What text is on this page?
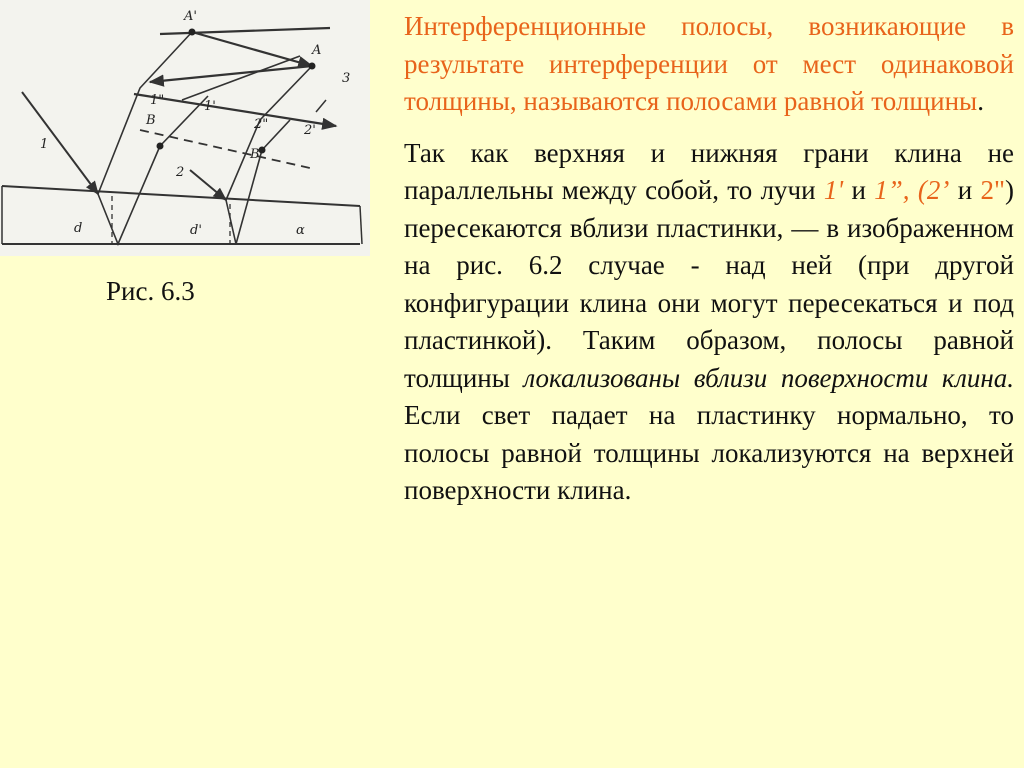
A'
A
3
B
B'
1
1'
1"
2
2'
2"
d	d'	α
Рис. 6.3

Интерференционные полосы, возникающие в результате интерференции от мест одинаковой толщины, называются полосами равной толщины.

Так как верхняя и нижняя грани клина не параллельны между собой, то лучи 1' и 1”, (2’ и 2") пересекаются вблизи пластинки, — в изображенном на рис. 6.2 случае - над ней (при другой конфигурации клина они могут пересекаться и под пластинкой). Таким образом, полосы равной толщины локализованы вблизи поверхности клина. Если свет падает на пластинку нормально, то полосы равной толщины локализуются на верхней поверхности клина.
